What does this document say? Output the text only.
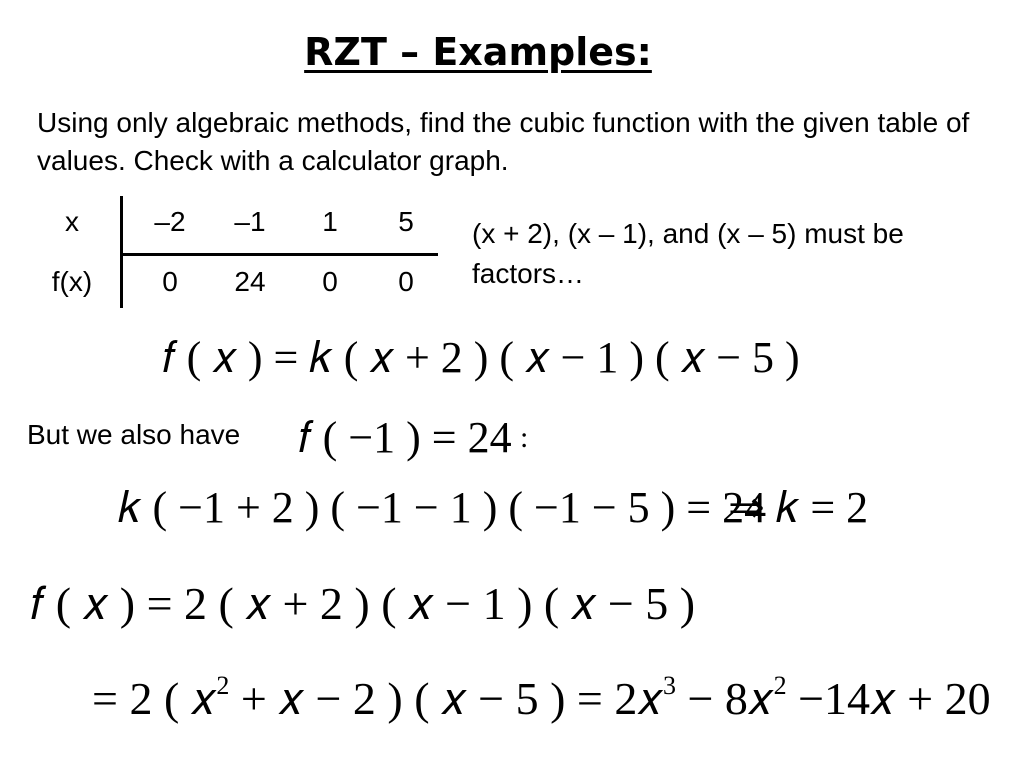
RZT – Examples:
Using only algebraic methods, find the cubic function with the given table of values. Check with a calculator graph.
x	–2	–1	1	5
f(x)	0	24	0	0
(x + 2), (x – 1), and (x – 5) must be factors…
𝑓 ( 𝑥 ) = 𝑘 ( 𝑥 + 2 ) ( 𝑥 − 1 ) ( 𝑥 − 5 )
But we also have 𝑓 ( −1 ) = 24 :
𝑘 ( −1 + 2 ) ( −1 − 1 ) ( −1 − 5 ) = 24
⇒ 𝑘 = 2
𝑓 ( 𝑥 ) = 2 ( 𝑥 + 2 ) ( 𝑥 − 1 ) ( 𝑥 − 5 )
= 2 ( 𝑥$^2$ + 𝑥 − 2 ) ( 𝑥 − 5 ) = 2𝑥$^3$ − 8𝑥$^2$ −14𝑥 + 20
